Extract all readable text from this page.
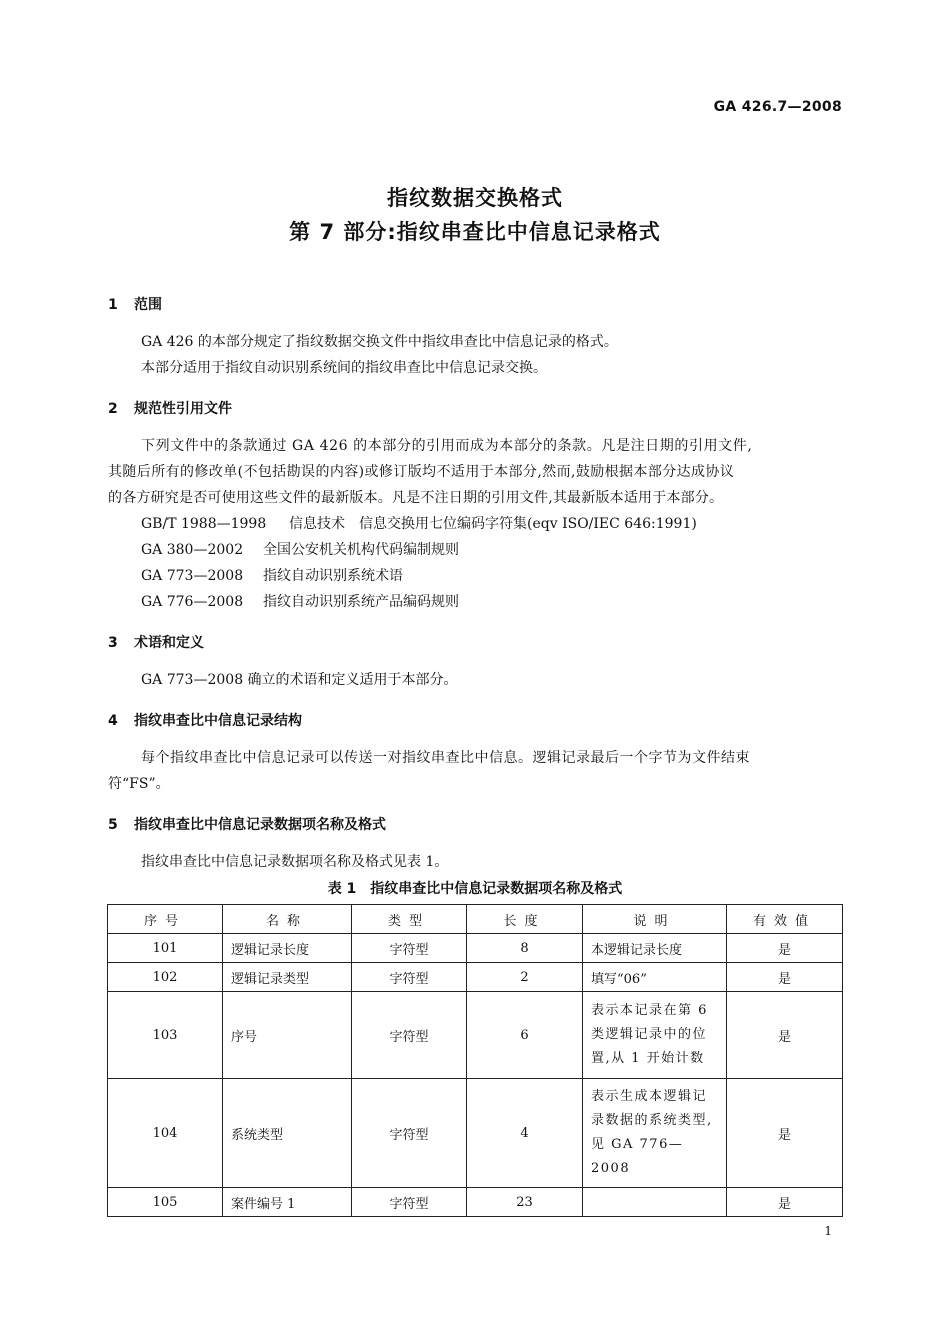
GA 426.7—2008
指纹数据交换格式
第 7 部分:指纹串查比中信息记录格式
1 范围
GA 426 的本部分规定了指纹数据交换文件中指纹串查比中信息记录的格式。
本部分适用于指纹自动识别系统间的指纹串查比中信息记录交换。
2 规范性引用文件
下列文件中的条款通过 GA 426 的本部分的引用而成为本部分的条款。凡是注日期的引用文件,
其随后所有的修改单(不包括勘误的内容)或修订版均不适用于本部分,然而,鼓励根据本部分达成协议
的各方研究是否可使用这些文件的最新版本。凡是不注日期的引用文件,其最新版本适用于本部分。
GB/T 1988—1998 信息技术　信息交换用七位编码字符集(eqv ISO/IEC 646:1991)
GA 380—2002 全国公安机关机构代码编制规则
GA 773—2008 指纹自动识别系统术语
GA 776—2008 指纹自动识别系统产品编码规则
3 术语和定义
GA 773—2008 确立的术语和定义适用于本部分。
4 指纹串查比中信息记录结构
每个指纹串查比中信息记录可以传送一对指纹串查比中信息。逻辑记录最后一个字节为文件结束
符“FS”。
5 指纹串查比中信息记录数据项名称及格式
指纹串查比中信息记录数据项名称及格式见表 1。
表 1　指纹串查比中信息记录数据项名称及格式
序号	名称	类型	长度	说明	有效值
101	逻辑记录长度	字符型	8	本逻辑记录长度	是
102	逻辑记录类型	字符型	2	填写“06”	是
103	序号	字符型	6	表示本记录在第 6 类逻辑记录中的位置,从 1 开始计数	是
104	系统类型	字符型	4	表示生成本逻辑记录数据的系统类型,见 GA 776—2008	是
105	案件编号 1	字符型	23		是
1
